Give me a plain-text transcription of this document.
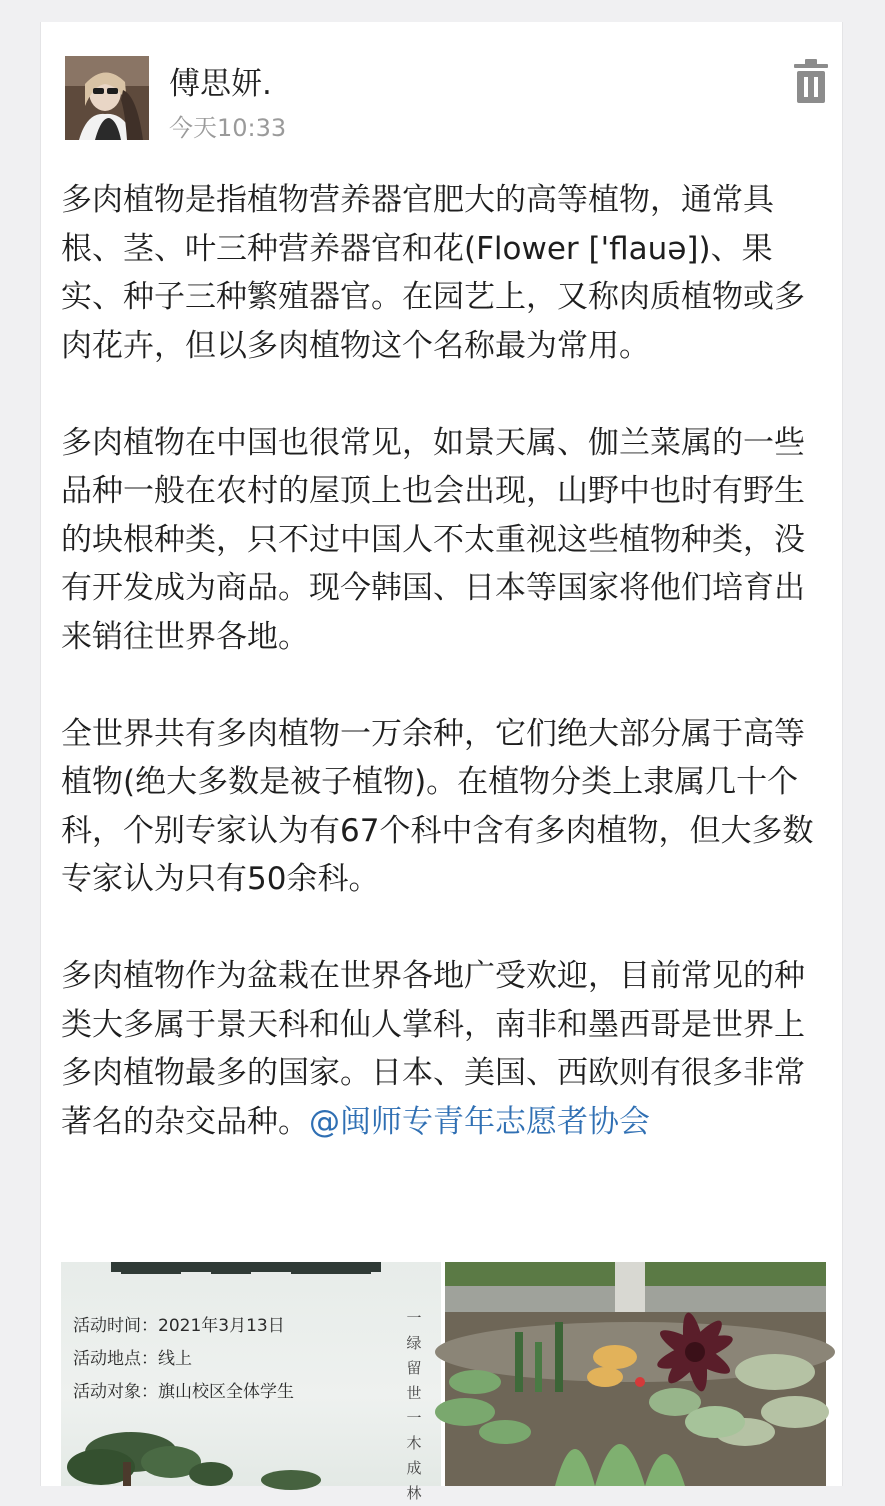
傅思妍.
今天10:33

多肉植物是指植物营养器官肥大的高等植物，通常具根、茎、叶三种营养器官和花(Flower ['flauə])、果实、种子三种繁殖器官。在园艺上，又称肉质植物或多肉花卉，但以多肉植物这个名称最为常用。

多肉植物在中国也很常见，如景天属、伽兰菜属的一些品种一般在农村的屋顶上也会出现，山野中也时有野生的块根种类，只不过中国人不太重视这些植物种类，没有开发成为商品。现今韩国、日本等国家将他们培育出来销往世界各地。

全世界共有多肉植物一万余种，它们绝大部分属于高等植物(绝大多数是被子植物)。在植物分类上隶属几十个科，个别专家认为有67个科中含有多肉植物，但大多数专家认为只有50余科。

多肉植物作为盆栽在世界各地广受欢迎，目前常见的种类大多属于景天科和仙人掌科，南非和墨西哥是世界上多肉植物最多的国家。日本、美国、西欧则有很多非常著名的杂交品种。@闽师专青年志愿者协会

活动时间：2021年3月13日
活动地点：线上
活动对象：旗山校区全体学生
一绿留世 一木成林
